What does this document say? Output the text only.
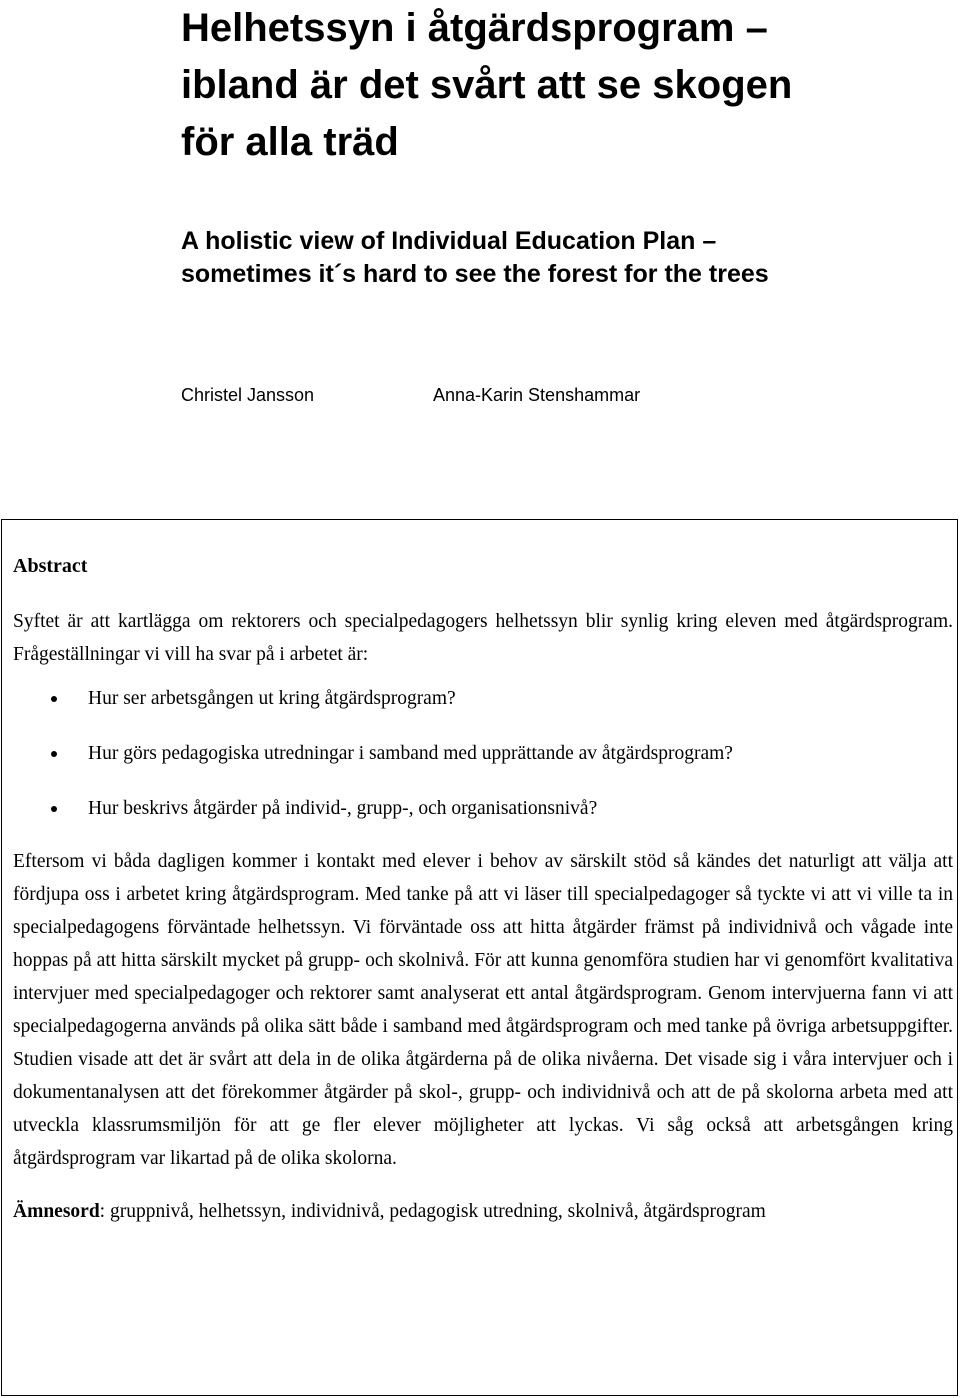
Helhetssyn i åtgärdsprogram –
ibland är det svårt att se skogen
för alla träd
A holistic view of Individual Education Plan –
sometimes it´s hard to see the forest for the trees
Christel Jansson	Anna-Karin Stenshammar

Abstract

Syftet är att kartlägga om rektorers och specialpedagogers helhetssyn blir synlig kring eleven med åtgärdsprogram. Frågeställningar vi vill ha svar på i arbetet är:

Hur ser arbetsgången ut kring åtgärdsprogram?
Hur görs pedagogiska utredningar i samband med upprättande av åtgärdsprogram?
Hur beskrivs åtgärder på individ-, grupp-, och organisationsnivå?

Eftersom vi båda dagligen kommer i kontakt med elever i behov av särskilt stöd så kändes det naturligt att välja att fördjupa oss i arbetet kring åtgärdsprogram. Med tanke på att vi läser till specialpedagoger så tyckte vi att vi ville ta in specialpedagogens förväntade helhetssyn. Vi förväntade oss att hitta åtgärder främst på individnivå och vågade inte hoppas på att hitta särskilt mycket på grupp- och skolnivå. För att kunna genomföra studien har vi genomfört kvalitativa intervjuer med specialpedagoger och rektorer samt analyserat ett antal åtgärdsprogram. Genom intervjuerna fann vi att specialpedagogerna används på olika sätt både i samband med åtgärdsprogram och med tanke på övriga arbetsuppgifter. Studien visade att det är svårt att dela in de olika åtgärderna på de olika nivåerna. Det visade sig i våra intervjuer och i dokumentanalysen att det förekommer åtgärder på skol-, grupp- och individnivå och att de på skolorna arbeta med att utveckla klassrumsmiljön för att ge fler elever möjligheter att lyckas. Vi såg också att arbetsgången kring åtgärdsprogram var likartad på de olika skolorna.

Ämnesord: gruppnivå, helhetssyn, individnivå, pedagogisk utredning, skolnivå, åtgärdsprogram
